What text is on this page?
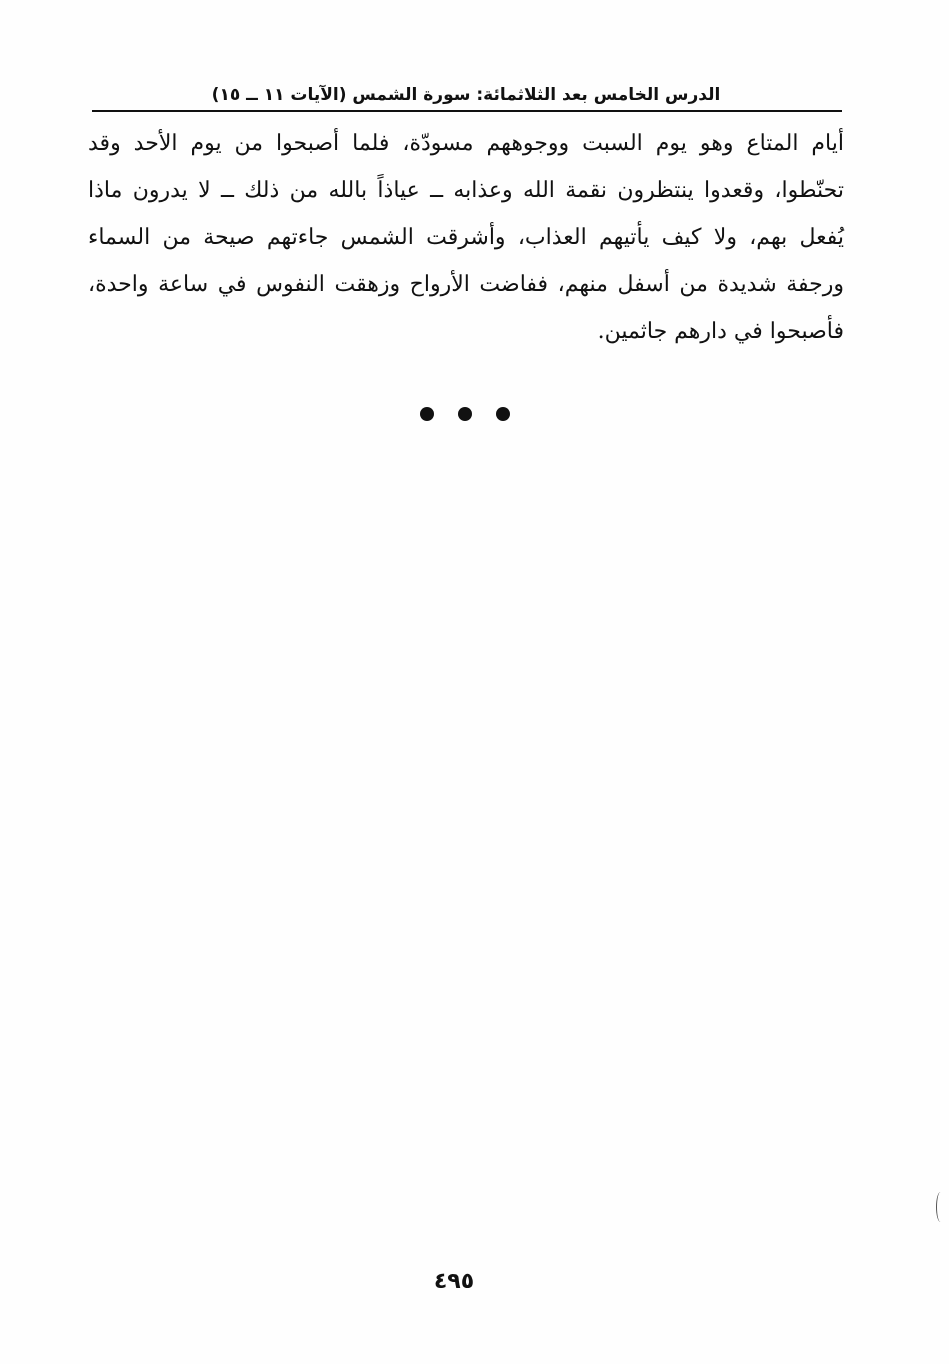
الدرس الخامس بعد الثلاثمائة: سورة الشمس (الآيات ١١ ــ ١٥)
أيام المتاع وهو يوم السبت ووجوههم مسودّة، فلما أصبحوا من يوم الأحد وقد
تحنّطوا، وقعدوا ينتظرون نقمة الله وعذابه ــ عياذاً بالله من ذلك ــ لا يدرون ماذا
يُفعل بهم، ولا كيف يأتيهم العذاب، وأشرقت الشمس جاءتهم صيحة من السماء
ورجفة شديدة من أسفل منهم، ففاضت الأرواح وزهقت النفوس في ساعة واحدة،
فأصبحوا في دارهم جاثمين.
٤٩٥
